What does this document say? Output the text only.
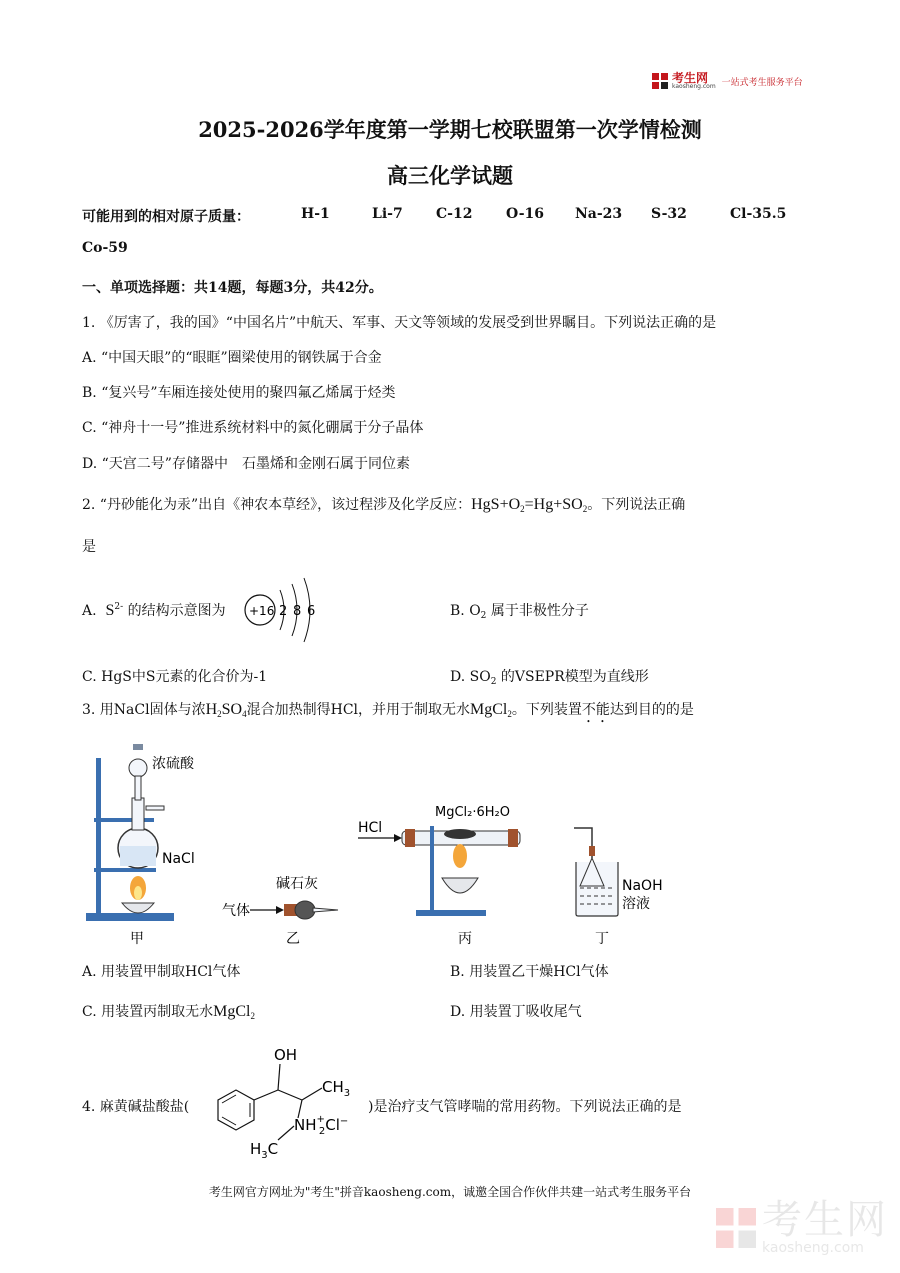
考生网
kaosheng.com 一站式考生服务平台
2025-2026学年度第一学期七校联盟第一次学情检测
高三化学试题
可能用到的相对原子质量：	H-1	Li-7 C-12 O-16 Na-23 S-32	Cl-35.5
Co-59
一、单项选择题：共14题，每题3分，共42分。
1. 《厉害了，我的国》“中国名片”中航天、军事、天文等领域的发展受到世界瞩目。下列说法正确的是
A. “中国天眼”的“眼眶”圈梁使用的钢铁属于合金
B. “复兴号”车厢连接处使用的聚四氟乙烯属于烃类
C. “神舟十一号”推进系统材料中的氮化硼属于分子晶体
D. “天宫二号”存储器中　石墨烯和金刚石属于同位素
2. “丹砂能化为汞”出自《神农本草经》，该过程涉及化学反应：$HgS+O_2=Hg+SO_2$。下列说法正确
是
A. $S^{2-}$ 的结构示意图为 +16 2 8 6	B. $O_2$ 属于非极性分子
C. HgS中S元素的化合价为-1	D. $SO_2$ 的VSEPR模型为直线形
3. 用NaCl固体与浓$H_2SO_4$混合加热制得HCl，并用于制取无水MgCl$_2$。下列装置不能达到目的的是
浓硫酸
NaCl
甲
碱石灰
气体
乙
HCl
MgCl₂·6H₂O
丙
NaOH
溶液
丁
A. 用装置甲制取HCl气体	B. 用装置乙干燥HCl气体
C. 用装置丙制取无水MgCl$_2$	D. 用装置丁吸收尾气
4. 麻黄碱盐酸盐(
OH
$CH_3$
NH+ 2Cl−
$H_3C$
)是治疗支气管哮喘的常用药物。下列说法正确的是
考生网官方网址为"考生"拼音kaosheng.com，诚邀全国合作伙伴共建一站式考生服务平台
考生网
kaosheng.com
